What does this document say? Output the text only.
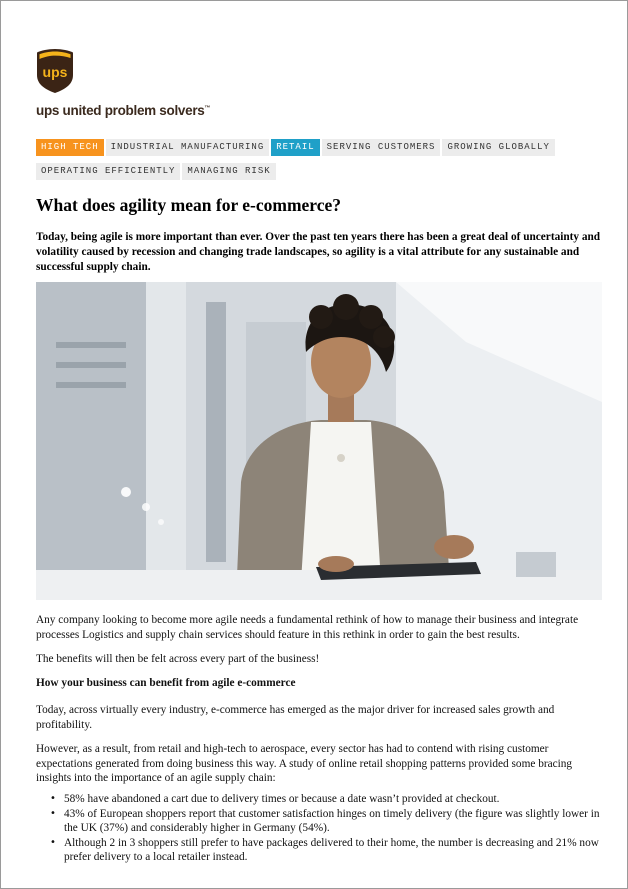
ups
ups united problem solvers™
HIGH TECH INDUSTRIAL MANUFACTURING RETAIL SERVING CUSTOMERS GROWING GLOBALLY
OPERATING EFFICIENTLY MANAGING RISK
What does agility mean for e-commerce?

Today, being agile is more important than ever. Over the past ten years there has been a great deal of uncertainty and volatility caused by recession and changing trade landscapes, so agility is a vital attribute for any sustainable and successful supply chain.

Any company looking to become more agile needs a fundamental rethink of how to manage their business and integrate processes Logistics and supply chain services should feature in this rethink in order to gain the best results.

The benefits will then be felt across every part of the business!

How your business can benefit from agile e-commerce

Today, across virtually every industry, e-commerce has emerged as the major driver for increased sales growth and profitability.

However, as a result, from retail and high-tech to aerospace, every sector has had to contend with rising customer expectations generated from doing business this way. A study of online retail shopping patterns provided some bracing insights into the importance of an agile supply chain:

• 58% have abandoned a cart due to delivery times or because a date wasn’t provided at checkout.
• 43% of European shoppers report that customer satisfaction hinges on timely delivery (the figure was slightly lower in the UK (37%) and considerably higher in Germany (54%).
• Although 2 in 3 shoppers still prefer to have packages delivered to their home, the number is decreasing and 21% now prefer delivery to a local retailer instead.
